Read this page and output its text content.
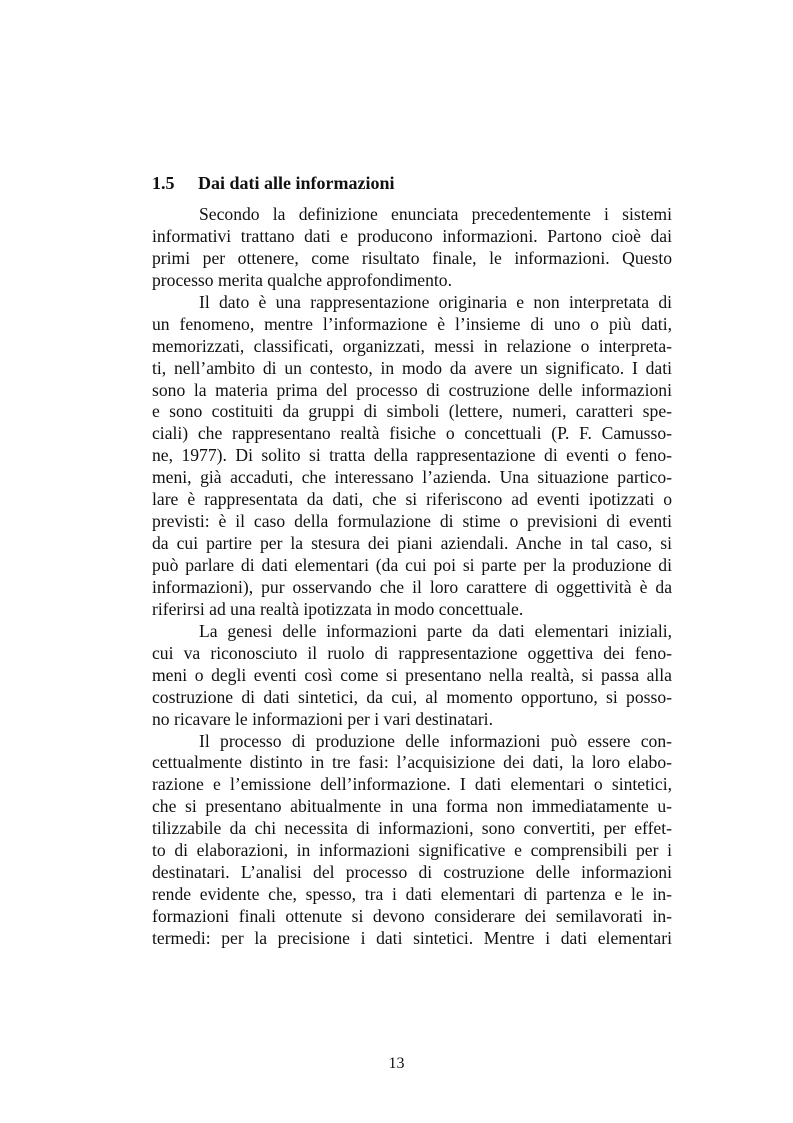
1.5 Dai dati alle informazioni
Secondo la definizione enunciata precedentemente i sistemi
informativi trattano dati e producono informazioni. Partono cioè dai
primi per ottenere, come risultato finale, le informazioni. Questo
processo merita qualche approfondimento.
Il dato è una rappresentazione originaria e non interpretata di
un fenomeno, mentre l’informazione è l’insieme di uno o più dati,
memorizzati, classificati, organizzati, messi in relazione o interpreta-
ti, nell’ambito di un contesto, in modo da avere un significato. I dati
sono la materia prima del processo di costruzione delle informazioni
e sono costituiti da gruppi di simboli (lettere, numeri, caratteri spe-
ciali) che rappresentano realtà fisiche o concettuali (P. F. Camusso-
ne, 1977). Di solito si tratta della rappresentazione di eventi o feno-
meni, già accaduti, che interessano l’azienda. Una situazione partico-
lare è rappresentata da dati, che si riferiscono ad eventi ipotizzati o
previsti: è il caso della formulazione di stime o previsioni di eventi
da cui partire per la stesura dei piani aziendali. Anche in tal caso, si
può parlare di dati elementari (da cui poi si parte per la produzione di
informazioni), pur osservando che il loro carattere di oggettività è da
riferirsi ad una realtà ipotizzata in modo concettuale.
La genesi delle informazioni parte da dati elementari iniziali,
cui va riconosciuto il ruolo di rappresentazione oggettiva dei feno-
meni o degli eventi così come si presentano nella realtà, si passa alla
costruzione di dati sintetici, da cui, al momento opportuno, si posso-
no ricavare le informazioni per i vari destinatari.
Il processo di produzione delle informazioni può essere con-
cettualmente distinto in tre fasi: l’acquisizione dei dati, la loro elabo-
razione e l’emissione dell’informazione. I dati elementari o sintetici,
che si presentano abitualmente in una forma non immediatamente u-
tilizzabile da chi necessita di informazioni, sono convertiti, per effet-
to di elaborazioni, in informazioni significative e comprensibili per i
destinatari. L’analisi del processo di costruzione delle informazioni
rende evidente che, spesso, tra i dati elementari di partenza e le in-
formazioni finali ottenute si devono considerare dei semilavorati in-
termedi: per la precisione i dati sintetici. Mentre i dati elementari
13
